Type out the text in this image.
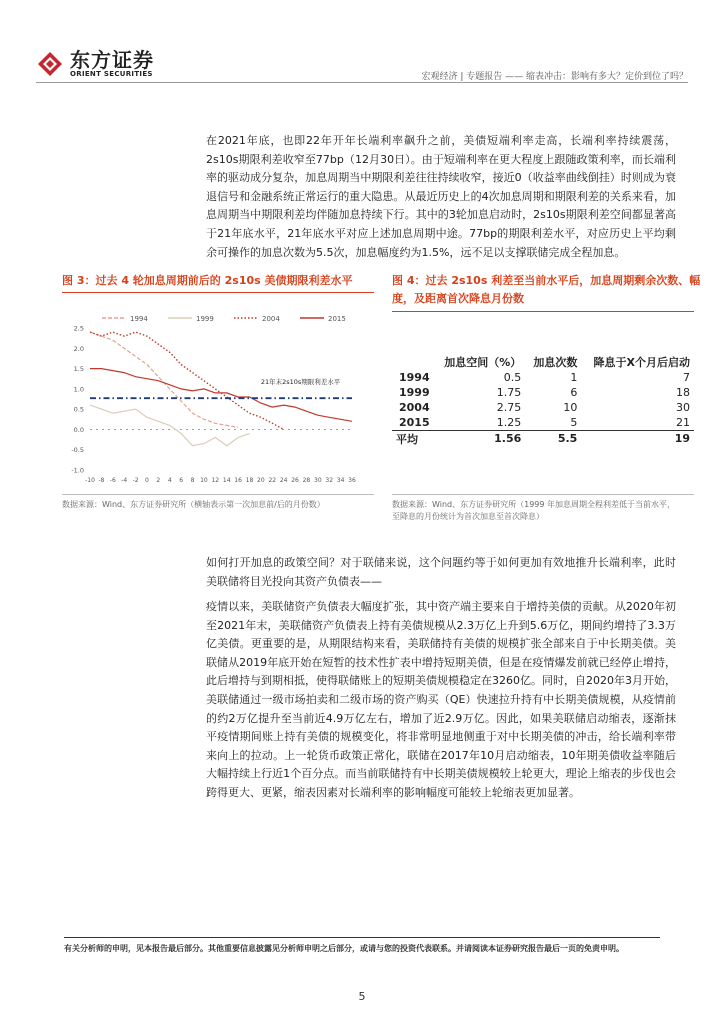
东方证券
ORIENT SECURITIES	宏观经济 | 专题报告 —— 缩表冲击：影响有多大？定价到位了吗？
在2021年底，也即22年开年长端利率飙升之前，美债短端利率走高，长端利率持续震荡，2s10s期限利差收窄至77bp（12月30日）。由于短端利率在更大程度上跟随政策利率，而长端利率的驱动成分复杂，加息周期当中期限利差往往持续收窄，接近0（收益率曲线倒挂）时则成为衰退信号和金融系统正常运行的重大隐患。从最近历史上的4次加息周期和期限利差的关系来看，加息周期当中期限利差均伴随加息持续下行。其中的3轮加息启动时，2s10s期限利差空间都显著高于21年底水平，21年底水平对应上述加息周期中途。77bp的期限利差水平，对应历史上平均剩余可操作的加息次数为5.5次，加息幅度约为1.5%，远不足以支撑联储完成全程加息。
图 3：过去 4 轮加息周期前后的 2s10s 美债期限利差水平
1994	1999	2004	2015
2.5
2.0
1.5
1.0
0.5
0.0
-0.5
-1.0
-10 -8 -6 -4 -2 0 2 4 6 8 10 12 14 16 18 20 22 24 26 28 30 32 34 36
21年末2s10s期限利差水平
数据来源：Wind、东方证券研究所（横轴表示第一次加息前/后的月份数）
图 4：过去 2s10s 利差至当前水平后，加息周期剩余次数、幅
度，及距离首次降息月份数
	加息空间（%）	加息次数	降息于X个月后启动
1994	0.5	1	7
1999	1.75	6	18
2004	2.75	10	30
2015	1.25	5	21
平均	1.56	5.5	19
数据来源：Wind、东方证券研究所（1999 年加息周期全程利差低于当前水平，
至降息的月份统计为首次加息至首次降息）
如何打开加息的政策空间？对于联储来说，这个问题约等于如何更加有效地推升长端利率，此时美联储将目光投向其资产负债表——
疫情以来，美联储资产负债表大幅度扩张，其中资产端主要来自于增持美债的贡献。从2020年初至2021年末，美联储资产负债表上持有美债规模从2.3万亿上升到5.6万亿，期间约增持了3.3万亿美债。更重要的是，从期限结构来看，美联储持有美债的规模扩张全部来自于中长期美债。美联储从2019年底开始在短暂的技术性扩表中增持短期美债，但是在疫情爆发前就已经停止增持，此后增持与到期相抵，使得联储账上的短期美债规模稳定在3260亿。同时，自2020年3月开始，美联储通过一级市场拍卖和二级市场的资产购买（QE）快速拉升持有中长期美债规模，从疫情前的约2万亿提升至当前近4.9万亿左右，增加了近2.9万亿。因此，如果美联储启动缩表，逐渐抹平疫情期间账上持有美债的规模变化，将非常明显地侧重于对中长期美债的冲击，给长端利率带来向上的拉动。上一轮货币政策正常化，联储在2017年10月启动缩表，10年期美债收益率随后大幅持续上行近1个百分点。而当前联储持有中长期美债规模较上轮更大，理论上缩表的步伐也会跨得更大、更紧，缩表因素对长端利率的影响幅度可能较上轮缩表更加显著。
有关分析师的申明，见本报告最后部分。其他重要信息披露见分析师申明之后部分，或请与您的投资代表联系。并请阅读本证券研究报告最后一页的免责申明。
5
